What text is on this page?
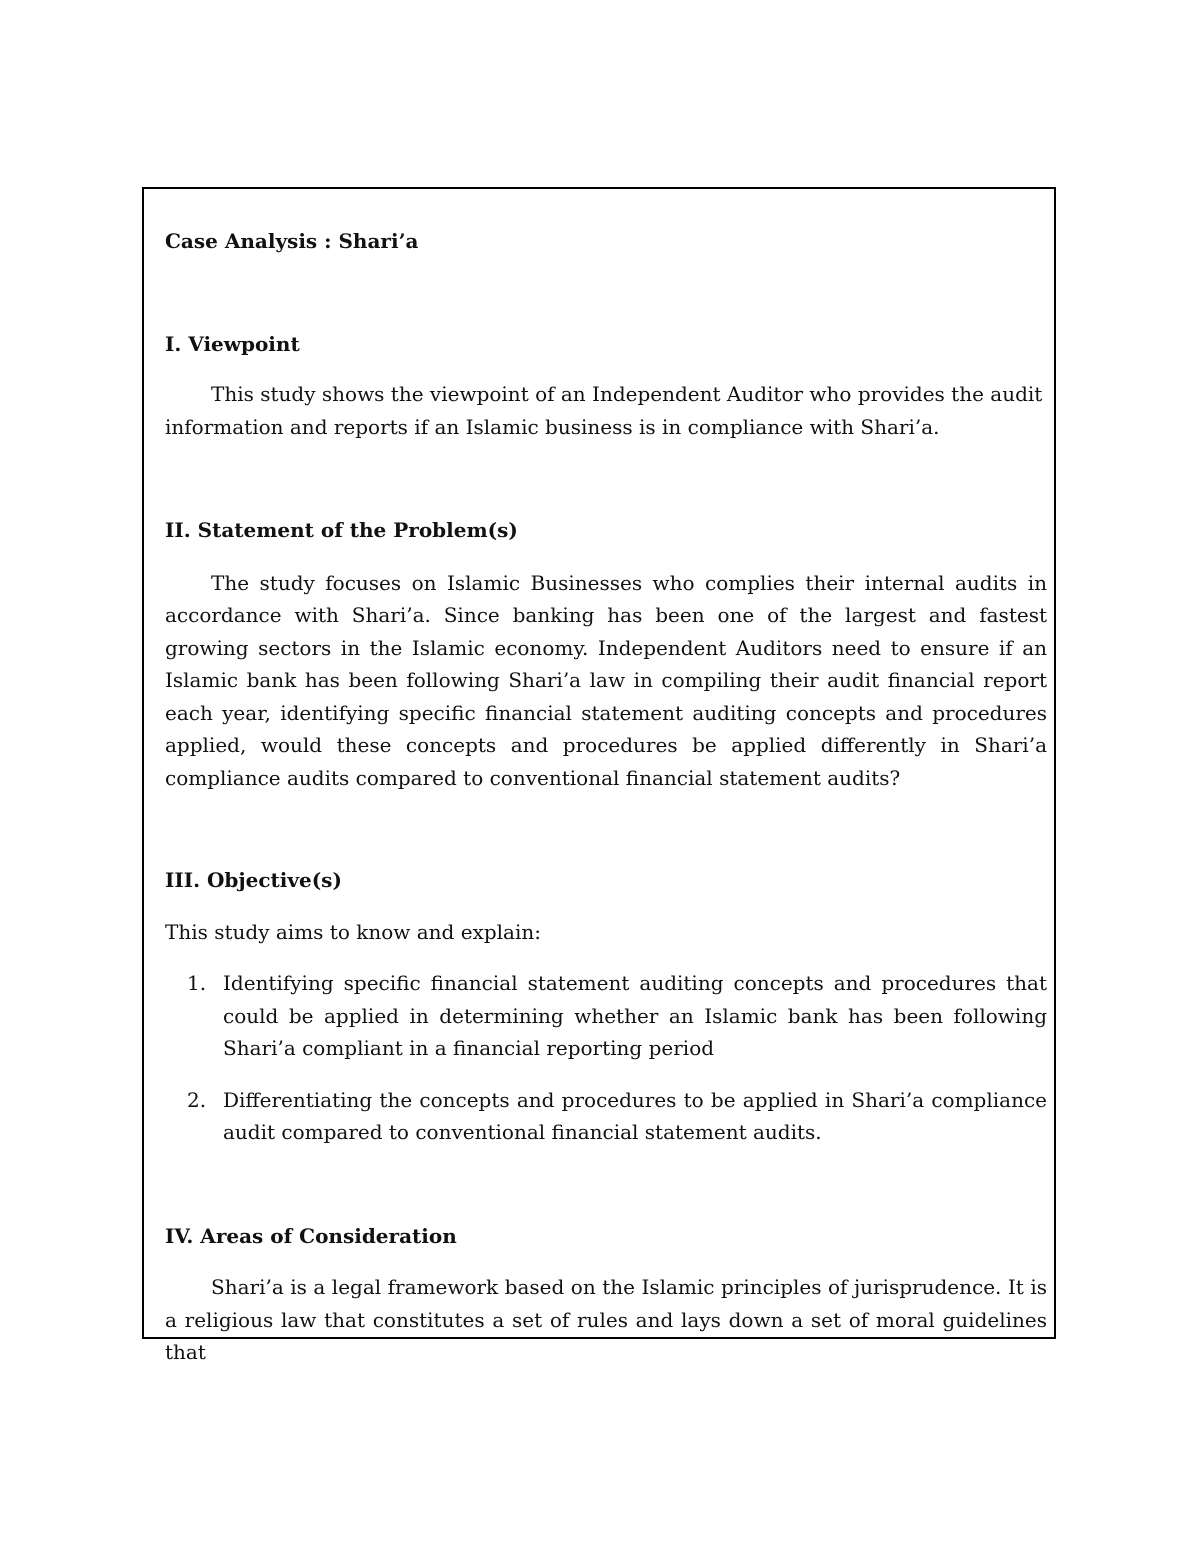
Case Analysis : Shari’a

I. Viewpoint

This study shows the viewpoint of an Independent Auditor who provides the audit information and reports if an Islamic business is in compliance with Shari’a.

II. Statement of the Problem(s)

The study focuses on Islamic Businesses who complies their internal audits in accordance with Shari’a. Since banking has been one of the largest and fastest growing sectors in the Islamic economy. Independent Auditors need to ensure if an Islamic bank has been following Shari’a law in compiling their audit financial report each year, identifying specific financial statement auditing concepts and procedures applied, would these concepts and procedures be applied differently in Shari’a compliance audits compared to conventional financial statement audits?

III. Objective(s)

This study aims to know and explain:

1. Identifying specific financial statement auditing concepts and procedures that could be applied in determining whether an Islamic bank has been following Shari’a compliant in a financial reporting period
2. Differentiating the concepts and procedures to be applied in Shari’a compliance audit compared to conventional financial statement audits.

IV. Areas of Consideration

Shari’a is a legal framework based on the Islamic principles of jurisprudence. It is a religious law that constitutes a set of rules and lays down a set of moral guidelines that
